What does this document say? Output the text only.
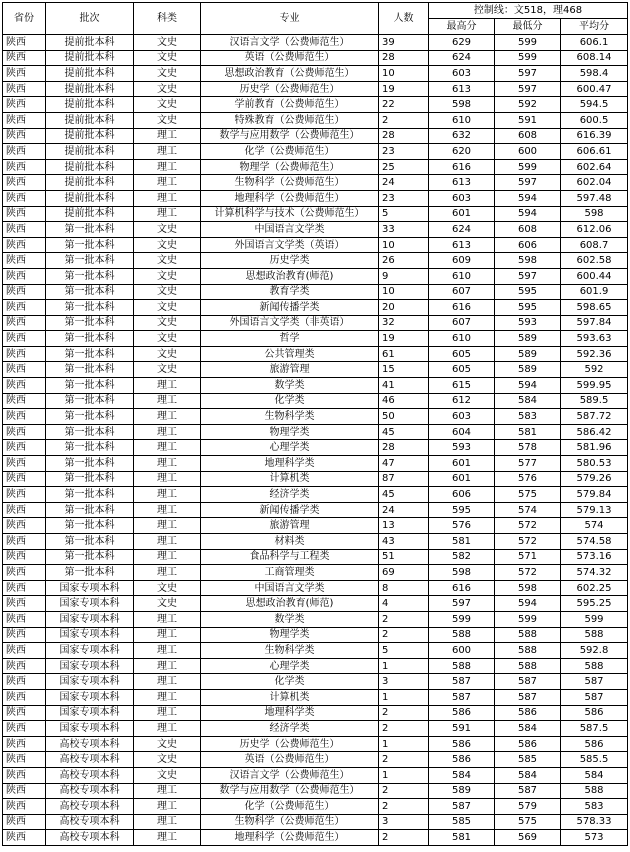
省份	批次	科类	专业	人数	控制线：文518，理468		
					最高分	最低分	平均分
陕西	提前批本科	文史	汉语言文学（公费师范生）	39	629	599	606.1
陕西	提前批本科	文史	英语（公费师范生）	28	624	599	608.14
陕西	提前批本科	文史	思想政治教育（公费师范生）	10	603	597	598.4
陕西	提前批本科	文史	历史学（公费师范生）	19	613	597	600.47
陕西	提前批本科	文史	学前教育（公费师范生）	22	598	592	594.5
陕西	提前批本科	文史	特殊教育（公费师范生）	2	610	591	600.5
陕西	提前批本科	理工	数学与应用数学（公费师范生）	28	632	608	616.39
陕西	提前批本科	理工	化学（公费师范生）	23	620	600	606.61
陕西	提前批本科	理工	物理学（公费师范生）	25	616	599	602.64
陕西	提前批本科	理工	生物科学（公费师范生）	24	613	597	602.04
陕西	提前批本科	理工	地理科学（公费师范生）	23	603	594	597.48
陕西	提前批本科	理工	计算机科学与技术（公费师范生）	5	601	594	598
陕西	第一批本科	文史	中国语言文学类	33	624	608	612.06
陕西	第一批本科	文史	外国语言文学类（英语）	10	613	606	608.7
陕西	第一批本科	文史	历史学类	26	609	598	602.58
陕西	第一批本科	文史	思想政治教育(师范)	9	610	597	600.44
陕西	第一批本科	文史	教育学类	10	607	595	601.9
陕西	第一批本科	文史	新闻传播学类	20	616	595	598.65
陕西	第一批本科	文史	外国语言文学类（非英语）	32	607	593	597.84
陕西	第一批本科	文史	哲学	19	610	589	593.63
陕西	第一批本科	文史	公共管理类	61	605	589	592.36
陕西	第一批本科	文史	旅游管理	15	605	589	592
陕西	第一批本科	理工	数学类	41	615	594	599.95
陕西	第一批本科	理工	化学类	46	612	584	589.5
陕西	第一批本科	理工	生物科学类	50	603	583	587.72
陕西	第一批本科	理工	物理学类	45	604	581	586.42
陕西	第一批本科	理工	心理学类	28	593	578	581.96
陕西	第一批本科	理工	地理科学类	47	601	577	580.53
陕西	第一批本科	理工	计算机类	87	601	576	579.26
陕西	第一批本科	理工	经济学类	45	606	575	579.84
陕西	第一批本科	理工	新闻传播学类	24	595	574	579.13
陕西	第一批本科	理工	旅游管理	13	576	572	574
陕西	第一批本科	理工	材料类	43	581	572	574.58
陕西	第一批本科	理工	食品科学与工程类	51	582	571	573.16
陕西	第一批本科	理工	工商管理类	69	598	572	574.32
陕西	国家专项本科	文史	中国语言文学类	8	616	598	602.25
陕西	国家专项本科	文史	思想政治教育(师范)	4	597	594	595.25
陕西	国家专项本科	理工	数学类	2	599	599	599
陕西	国家专项本科	理工	物理学类	2	588	588	588
陕西	国家专项本科	理工	生物科学类	5	600	588	592.8
陕西	国家专项本科	理工	心理学类	1	588	588	588
陕西	国家专项本科	理工	化学类	3	587	587	587
陕西	国家专项本科	理工	计算机类	1	587	587	587
陕西	国家专项本科	理工	地理科学类	2	586	586	586
陕西	国家专项本科	理工	经济学类	2	591	584	587.5
陕西	高校专项本科	文史	历史学（公费师范生）	1	586	586	586
陕西	高校专项本科	文史	英语（公费师范生）	2	586	585	585.5
陕西	高校专项本科	文史	汉语言文学（公费师范生）	1	584	584	584
陕西	高校专项本科	理工	数学与应用数学（公费师范生）	2	589	587	588
陕西	高校专项本科	理工	化学（公费师范生）	2	587	579	583
陕西	高校专项本科	理工	生物科学（公费师范生）	3	585	575	578.33
陕西	高校专项本科	理工	地理科学（公费师范生）	2	581	569	573
